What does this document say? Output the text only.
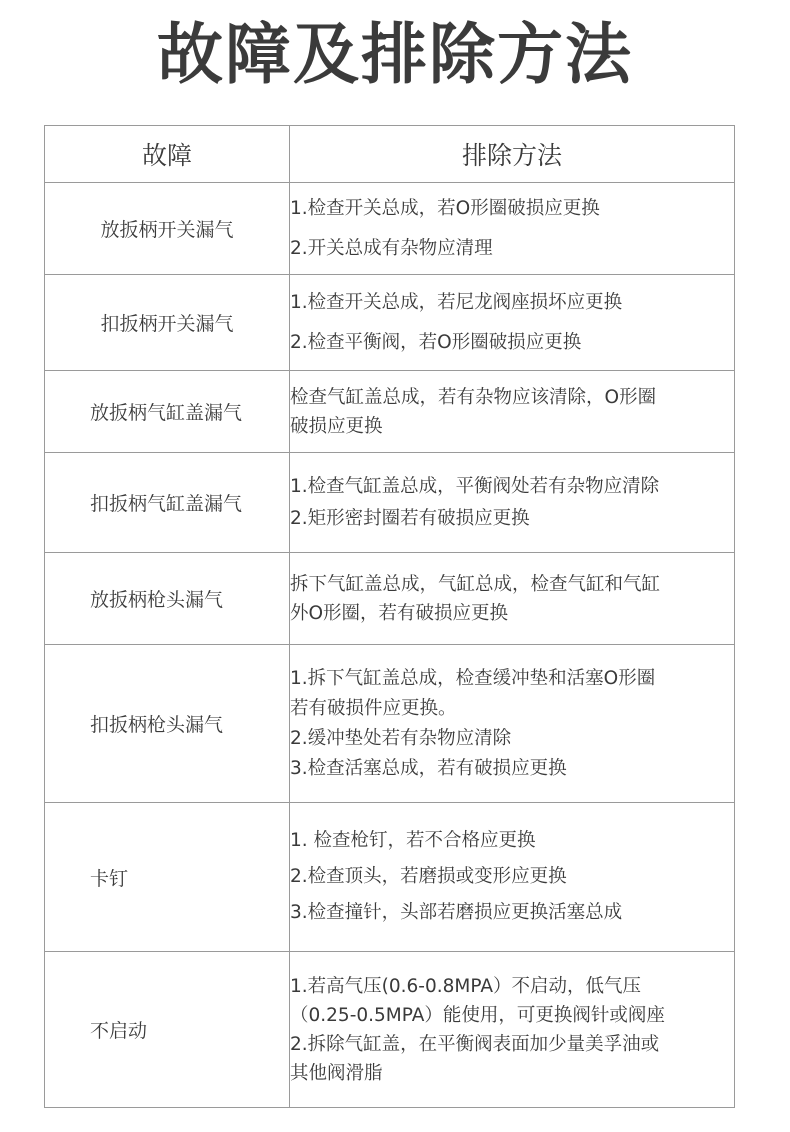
故障及排除方法
故障	排除方法
放扳柄开关漏气	1.检查开关总成，若O形圈破损应更换
2.开关总成有杂物应清理

扣扳柄开关漏气	1.检查开关总成，若尼龙阀座损坏应更换
2.检查平衡阀，若O形圈破损应更换

放扳柄气缸盖漏气	检查气缸盖总成，若有杂物应该清除，O形圈
破损应更换

扣扳柄气缸盖漏气	1.检查气缸盖总成，平衡阀处若有杂物应清除
2.矩形密封圈若有破损应更换

放扳柄枪头漏气	拆下气缸盖总成，气缸总成，检查气缸和气缸
外O形圈，若有破损应更换

扣扳柄枪头漏气	1.拆下气缸盖总成，检查缓冲垫和活塞O形圈
若有破损件应更换。
2.缓冲垫处若有杂物应清除
3.检查活塞总成，若有破损应更换

卡钉	1. 检查枪钉，若不合格应更换
2.检查顶头，若磨损或变形应更换
3.检查撞针，头部若磨损应更换活塞总成

不启动	1.若高气压(0.6-0.8MPA）不启动，低气压
（0.25-0.5MPA）能使用，可更换阀针或阀座
2.拆除气缸盖，在平衡阀表面加少量美孚油或
其他阀滑脂
